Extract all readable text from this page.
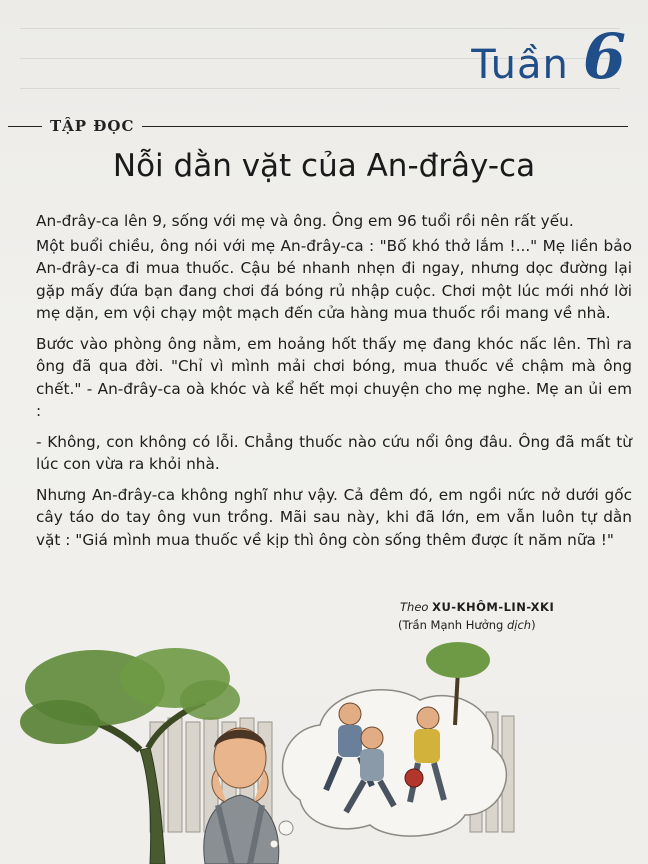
Tuần 6
TẬP ĐỌC
Nỗi dằn vặt của An-đrây-ca

An-đrây-ca lên 9, sống với mẹ và ông. Ông em 96 tuổi rồi nên rất yếu.

Một buổi chiều, ông nói với mẹ An-đrây-ca : "Bố khó thở lắm !..." Mẹ liền bảo An-đrây-ca đi mua thuốc. Cậu bé nhanh nhẹn đi ngay, nhưng dọc đường lại gặp mấy đứa bạn đang chơi đá bóng rủ nhập cuộc. Chơi một lúc mới nhớ lời mẹ dặn, em vội chạy một mạch đến cửa hàng mua thuốc rồi mang về nhà.

Bước vào phòng ông nằm, em hoảng hốt thấy mẹ đang khóc nấc lên. Thì ra ông đã qua đời. "Chỉ vì mình mải chơi bóng, mua thuốc về chậm mà ông chết." - An-đrây-ca oà khóc và kể hết mọi chuyện cho mẹ nghe. Mẹ an ủi em :

- Không, con không có lỗi. Chẳng thuốc nào cứu nổi ông đâu. Ông đã mất từ lúc con vừa ra khỏi nhà.

Nhưng An-đrây-ca không nghĩ như vậy. Cả đêm đó, em ngồi nức nở dưới gốc cây táo do tay ông vun trồng. Mãi sau này, khi đã lớn, em vẫn luôn tự dằn vặt : "Giá mình mua thuốc về kịp thì ông còn sống thêm được ít năm nữa !"

Theo XU-KHÔM-LIN-XKI
(Trần Mạnh Hưởng dịch)
